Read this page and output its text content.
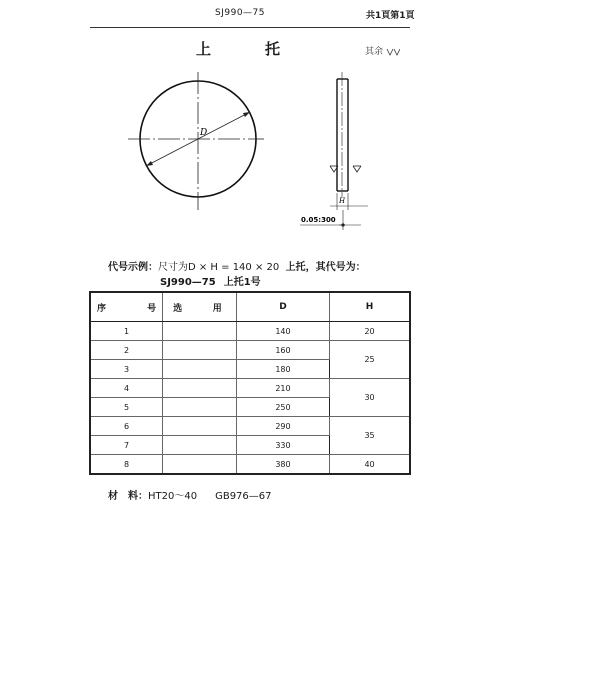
SJ990—75	共1頁第1頁
上	托	其余
D
H
0.05:300
代号示例：尺寸为D × H = 140 × 20 上托，其代号为：
SJ990—75 上托1号
序 号	选 用	D	H
1		140	20
2		160	25
3		180	
4		210	30
5		250	
6		290	35
7		330	
8		380	40
材　料：HT20～40 GB976—67
